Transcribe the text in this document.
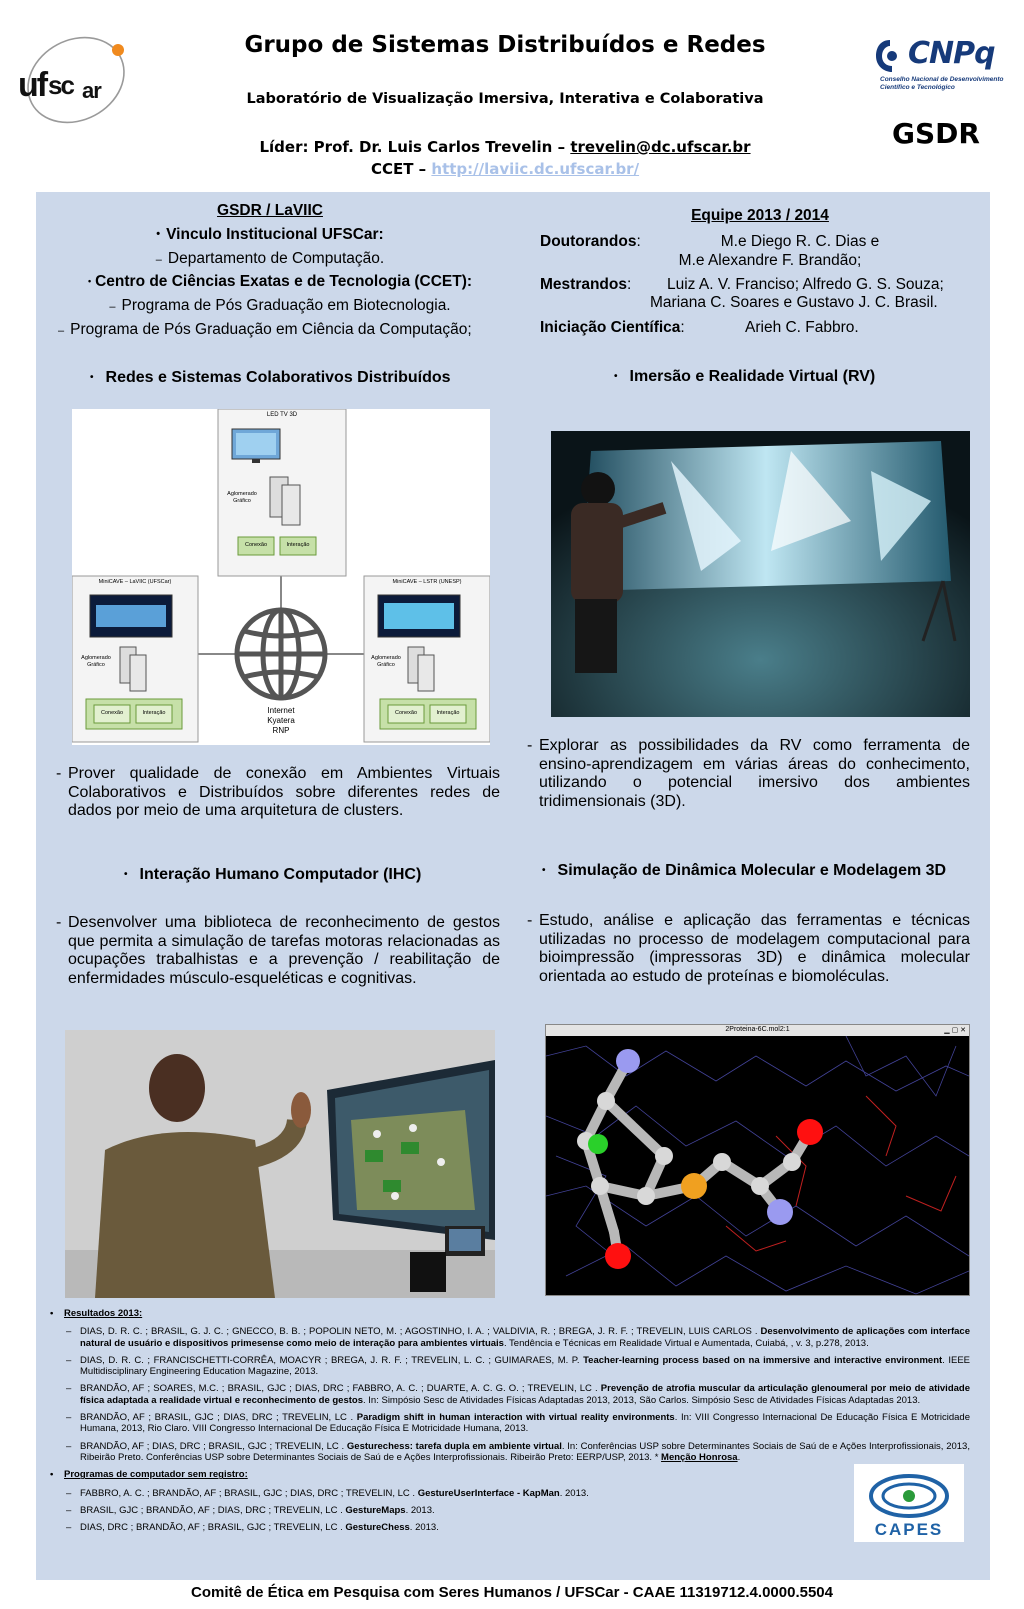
uf sc ar
Grupo de Sistemas Distribuídos e Redes
Laboratório de Visualização Imersiva, Interativa e Colaborativa
Líder: Prof. Dr. Luis Carlos Trevelin – trevelin@dc.ufscar.br
CCET – http://laviic.dc.ufscar.br/
CNPq
Conselho Nacional de Desenvolvimento Científico e Tecnológico
GSDR
GSDR / LaVIIC
• Vinculo Institucional UFSCar:
– Departamento de Computação.
• Centro de Ciências Exatas e de Tecnologia (CCET):
– Programa de Pós Graduação em Biotecnologia.
– Programa de Pós Graduação em Ciência da Computação;
Equipe 2013 / 2014
Doutorandos:	M.e Diego R. C. Dias e
M.e Alexandre F. Brandão;
Mestrandos: Luiz A. V. Franciso; Alfredo G. S. Souza;
Mariana C. Soares e Gustavo J. C. Brasil.
Iniciação Científica:	Arieh C. Fabbro.
• Redes e Sistemas Colaborativos Distribuídos	• Imersão e Realidade Virtual (RV)
LED TV 3D
Aglomerado
Gráfico
Conexão	Interação
MiniCAVE – LaVIIC (UFSCar)
Aglomerado
Gráfico
Conexão	Interação
MiniCAVE – LSTR (UNESP)
Aglomerado
Gráfico
Conexão	Interação
Internet
Kyatera
RNP
- Prover qualidade de conexão em Ambientes Virtuais Colaborativos e Distribuídos sobre diferentes redes de dados por meio de uma arquitetura de clusters.
- Explorar as possibilidades da RV como ferramenta de ensino-aprendizagem em várias áreas do conhecimento, utilizando o potencial imersivo dos ambientes tridimensionais (3D).
• Interação Humano Computador (IHC)	• Simulação de Dinâmica Molecular e Modelagem 3D
- Desenvolver uma biblioteca de reconhecimento de gestos que permita a simulação de tarefas motoras relacionadas as ocupações trabalhistas e a prevenção / reabilitação de enfermidades músculo-esqueléticas e cognitivas.
- Estudo, análise e aplicação das ferramentas e técnicas utilizadas no processo de modelagem computacional para bioimpressão (impressoras 3D) e dinâmica molecular orientada ao estudo de proteínas e biomoléculas.
2Proteina-6C.mol2:1	▁ ▢ ✕
• Resultados 2013:
– DIAS, D. R. C. ; BRASIL, G. J. C. ; GNECCO, B. B. ; POPOLIN NETO, M. ; AGOSTINHO, I. A. ; VALDIVIA, R. ; BREGA, J. R. F. ; TREVELIN, LUIS CARLOS . Desenvolvimento de aplicações com interface natural de usuário e dispositivos primesense como meio de interação para ambientes virtuais. Tendência e Técnicas em Realidade Virtual e Aumentada, Cuiabá, , v. 3, p.278, 2013.
– DIAS, D. R. C. ; FRANCISCHETTI-CORRÊA, MOACYR ; BREGA, J. R. F. ; TREVELIN, L. C. ; GUIMARAES, M. P. Teacher-learning process based on na immersive and interactive environment. IEEE Multidisciplinary Engineering Education Magazine, 2013.
– BRANDÃO, AF ; SOARES, M.C. ; BRASIL, GJC ; DIAS, DRC ; FABBRO, A. C. ; DUARTE, A. C. G. O. ; TREVELIN, LC . Prevenção de atrofia muscular da articulação glenoumeral por meio de atividade física adaptada a realidade virtual e reconhecimento de gestos. In: Simpósio Sesc de Atividades Físicas Adaptadas 2013, 2013, São Carlos. Simpósio Sesc de Atividades Físicas Adaptadas 2013.
– BRANDÃO, AF ; BRASIL, GJC ; DIAS, DRC ; TREVELIN, LC . Paradigm shift in human interaction with virtual reality environments. In: VIII Congresso Internacional De Educação Física E Motricidade Humana, 2013, Rio Claro. VIII Congresso Internacional De Educação Física E Motricidade Humana, 2013.
– BRANDÃO, AF ; DIAS, DRC ; BRASIL, GJC ; TREVELIN, LC . Gesturechess: tarefa dupla em ambiente virtual. In: Conferências USP sobre Determinantes Sociais de Saú de e Ações Interprofissionais, 2013, Ribeirão Preto. Conferências USP sobre Determinantes Sociais de Saú de e Ações Interprofissionais. Ribeirão Preto: EERP/USP, 2013. * Menção Honrosa.
• Programas de computador sem registro:
– FABBRO, A. C. ; BRANDÃO, AF ; BRASIL, GJC ; DIAS, DRC ; TREVELIN, LC . GestureUserInterface - KapMan. 2013.
– BRASIL, GJC ; BRANDÃO, AF ; DIAS, DRC ; TREVELIN, LC . GestureMaps. 2013.
– DIAS, DRC ; BRANDÃO, AF ; BRASIL, GJC ; TREVELIN, LC . GestureChess. 2013.	CAPES
Comitê de Ética em Pesquisa com Seres Humanos / UFSCar - CAAE 11319712.4.0000.5504
